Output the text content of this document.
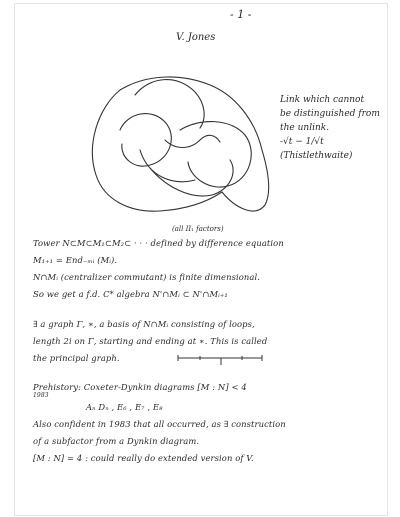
- 1 -
V. Jones
Link which cannot
be distinguished from
the unlink.
-√t − 1/√t
(Thistlethwaite)
(all II₁ factors)
Tower N⊂M⊂M₁⊂M₂⊂ · · · defined by difference equation
M₁₊₁ = End₋ₘᵢ (Mᵢ).
N∩Mᵢ (centralizer commutant) is finite dimensional.
So we get a f.d. C* algebra N'∩Mᵢ ⊂ N'∩Mᵢ₊₁
∃ a graph Γ, ∗, a basis of N∩Mᵢ consisting of loops,
length 2i on Γ, starting and ending at ∗. This is called
the principal graph.
Prehistory: Coxeter-Dynkin diagrams [M : N] < 4
1983
Aₙ Dₙ , E₆ , E₇ , E₈
Also confident in 1983 that all occurred, as ∃ construction
of a subfactor from a Dynkin diagram.
[M : N] = 4 : could really do extended version of V.
